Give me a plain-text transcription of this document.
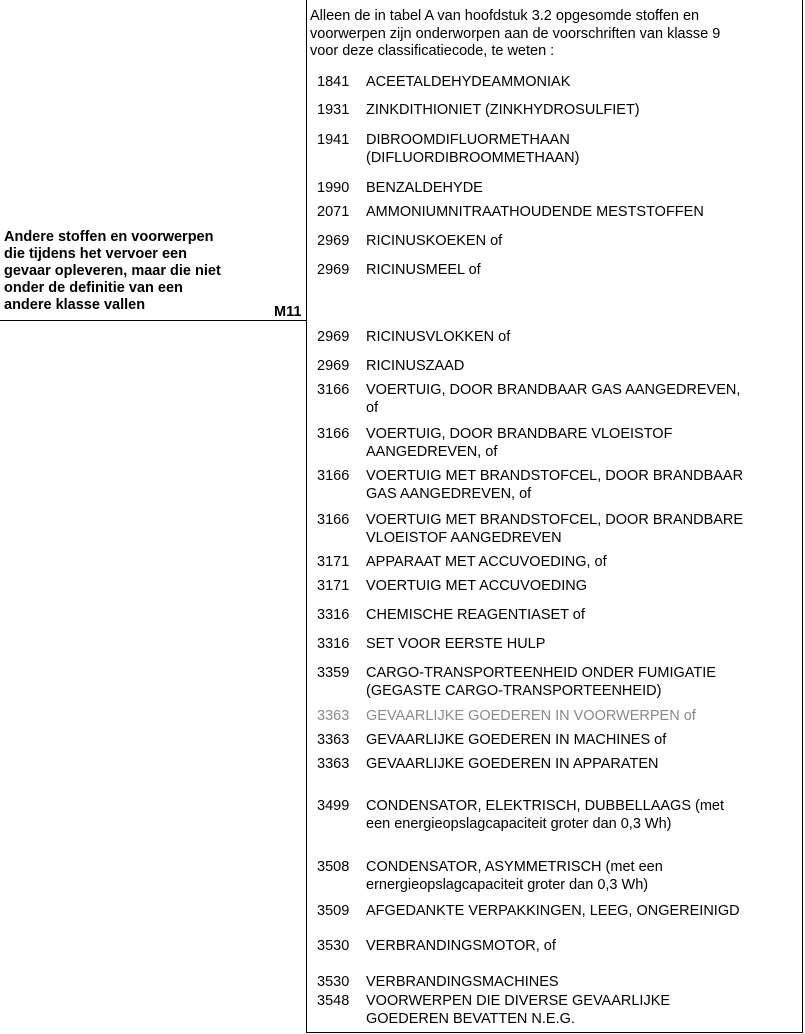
Andere stoffen en voorwerpen
die tijdens het vervoer een
gevaar opleveren, maar die niet
onder de definitie van een
andere klasse vallen	M11
Alleen de in tabel A van hoofdstuk 3.2 opgesomde stoffen en
voorwerpen zijn onderworpen aan de voorschriften van klasse 9
voor deze classificatiecode, te weten :
1841 ACEETALDEHYDEAMMONIAK
1931 ZINKDITHIONIET (ZINKHYDROSULFIET)
1941 DIBROOMDIFLUORMETHAAN
(DIFLUORDIBROOMMETHAAN)
1990 BENZALDEHYDE
2071 AMMONIUMNITRAATHOUDENDE MESTSTOFFEN
2969 RICINUSKOEKEN of
2969 RICINUSMEEL of
2969 RICINUSVLOKKEN of
2969 RICINUSZAAD
3166 VOERTUIG, DOOR BRANDBAAR GAS AANGEDREVEN,
of
3166 VOERTUIG, DOOR BRANDBARE VLOEISTOF
AANGEDREVEN, of
3166 VOERTUIG MET BRANDSTOFCEL, DOOR BRANDBAAR
GAS AANGEDREVEN, of
3166 VOERTUIG MET BRANDSTOFCEL, DOOR BRANDBARE
VLOEISTOF AANGEDREVEN
3171 APPARAAT MET ACCUVOEDING, of
3171 VOERTUIG MET ACCUVOEDING
3316 CHEMISCHE REAGENTIASET of
3316 SET VOOR EERSTE HULP
3359 CARGO-TRANSPORTEENHEID ONDER FUMIGATIE
(GEGASTE CARGO-TRANSPORTEENHEID)
3363 GEVAARLIJKE GOEDEREN IN VOORWERPEN of
3363 GEVAARLIJKE GOEDEREN IN MACHINES of
3363 GEVAARLIJKE GOEDEREN IN APPARATEN
3499 CONDENSATOR, ELEKTRISCH, DUBBELLAAGS (met
een energieopslagcapaciteit groter dan 0,3 Wh)
3508 CONDENSATOR, ASYMMETRISCH (met een
ernergieopslagcapaciteit groter dan 0,3 Wh)
3509 AFGEDANKTE VERPAKKINGEN, LEEG, ONGEREINIGD
3530 VERBRANDINGSMOTOR, of
3530 VERBRANDINGSMACHINES
3548 VOORWERPEN DIE DIVERSE GEVAARLIJKE
GOEDEREN BEVATTEN N.E.G.
